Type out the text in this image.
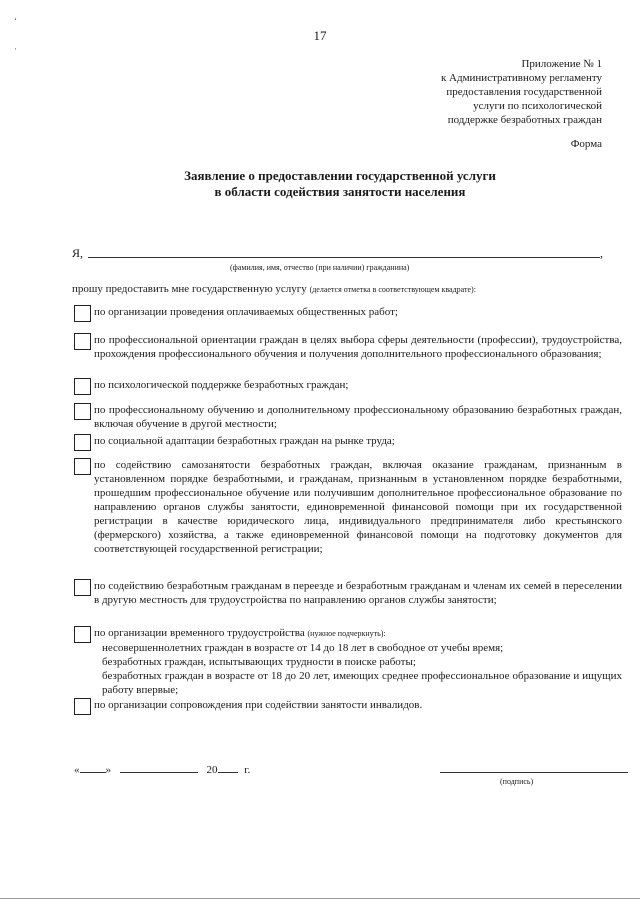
‘
·
17
Приложение № 1
к Административному регламенту
предоставления государственной
услуги по психологической
поддержке безработных граждан
Форма
Заявление о предоставлении государственной услуги
в области содействия занятости населения
Я,	,
(фамилия, имя, отчество (при наличии) гражданина)
прошу предоставить мне государственную услугу (делается отметка в соответствующем квадрате):
по организации проведения оплачиваемых общественных работ;
по профессиональной ориентации граждан в целях выбора сферы деятельности (профессии), трудоустройства, прохождения профессионального обучения и получения дополнительного профессионального образования;
по психологической поддержке безработных граждан;
по профессиональному обучению и дополнительному профессиональному образованию безработных граждан, включая обучение в другой местности;
по социальной адаптации безработных граждан на рынке труда;
по содействию самозанятости безработных граждан, включая оказание гражданам, признанным в установленном порядке безработными, и гражданам, признанным в установленном порядке безработными, прошедшим профессиональное обучение или получившим дополнительное профессиональное образование по направлению органов службы занятости, единовременной финансовой помощи при их государственной регистрации в качестве юридического лица, индивидуального предпринимателя либо крестьянского (фермерского) хозяйства, а также единовременной финансовой помощи на подготовку документов для соответствующей государственной регистрации;
по содействию безработным гражданам в переезде и безработным гражданам и членам их семей в переселении в другую местность для трудоустройства по направлению органов службы занятости;
по организации временного трудоустройства (нужное подчеркнуть):
несовершеннолетних граждан в возрасте от 14 до 18 лет в свободное от учебы время;
безработных граждан, испытывающих трудности в поиске работы;
безработных граждан в возрасте от 18 до 20 лет, имеющих среднее профессиональное образование и ищущих работу впервые;
по организации сопровождения при содействии занятости инвалидов.
« »	20 г.
(подпись)
